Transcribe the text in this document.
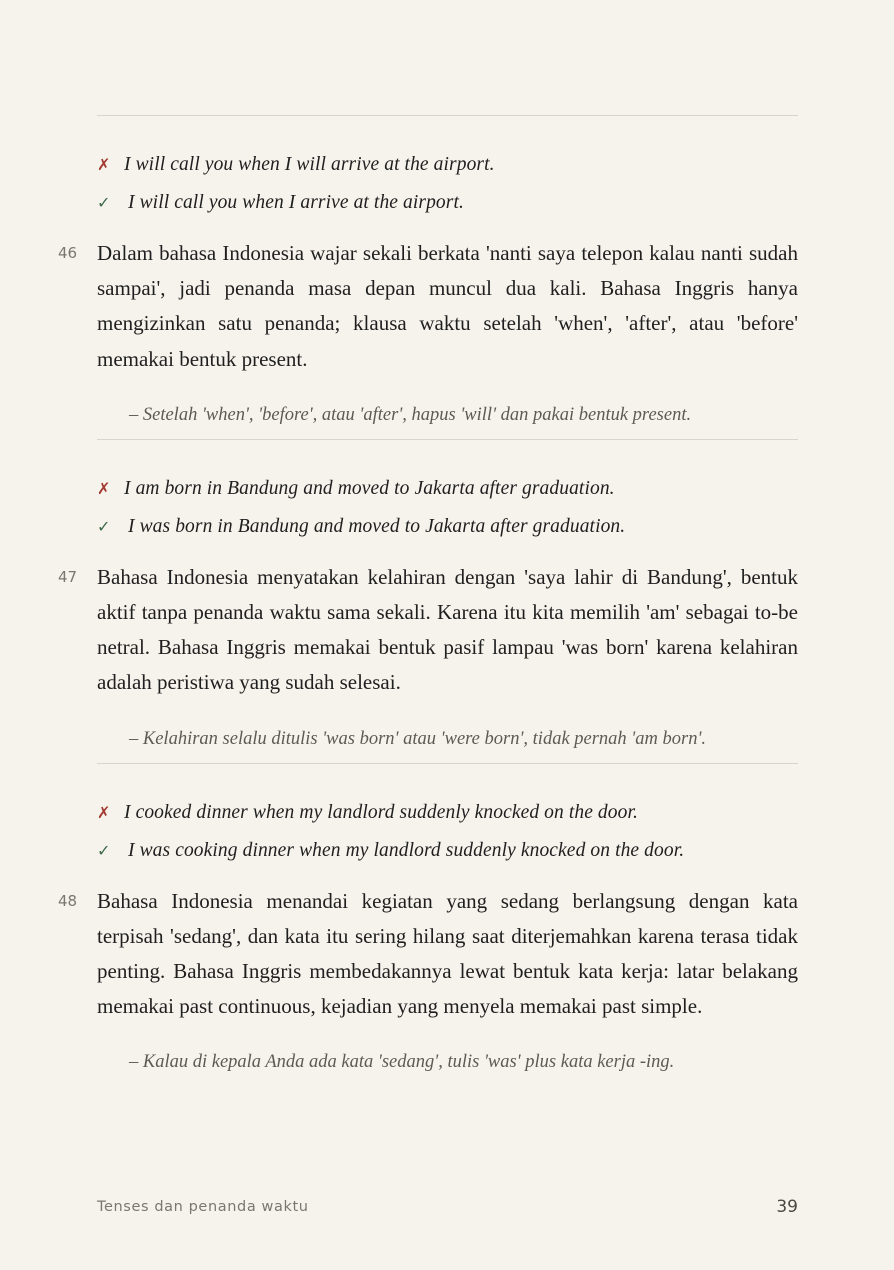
✗ I will call you when I will arrive at the airport.
✓ I will call you when I arrive at the airport.
46 Dalam bahasa Indonesia wajar sekali berkata 'nanti saya telepon kalau nanti sudah sampai', jadi penanda masa depan muncul dua kali. Bahasa Inggris hanya mengizinkan satu penanda; klausa waktu setelah 'when', 'after', atau 'before' memakai bentuk present.

– Setelah 'when', 'before', atau 'after', hapus 'will' dan pakai bentuk present.
✗ I am born in Bandung and moved to Jakarta after graduation.
✓ I was born in Bandung and moved to Jakarta after graduation.
47 Bahasa Indonesia menyatakan kelahiran dengan 'saya lahir di Bandung', bentuk aktif tanpa penanda waktu sama sekali. Karena itu kita memilih 'am' sebagai to-be netral. Bahasa Inggris memakai bentuk pasif lampau 'was born' karena kelahiran adalah peristiwa yang sudah selesai.

– Kelahiran selalu ditulis 'was born' atau 'were born', tidak pernah 'am born'.
✗ I cooked dinner when my landlord suddenly knocked on the door.
✓ I was cooking dinner when my landlord suddenly knocked on the door.
48 Bahasa Indonesia menandai kegiatan yang sedang berlangsung dengan kata terpisah 'sedang', dan kata itu sering hilang saat diterjemahkan karena terasa tidak penting. Bahasa Inggris membedakannya lewat bentuk kata kerja: latar belakang memakai past continuous, kejadian yang menyela memakai past simple.

– Kalau di kepala Anda ada kata 'sedang', tulis 'was' plus kata kerja -ing.
Tenses dan penanda waktu	39
